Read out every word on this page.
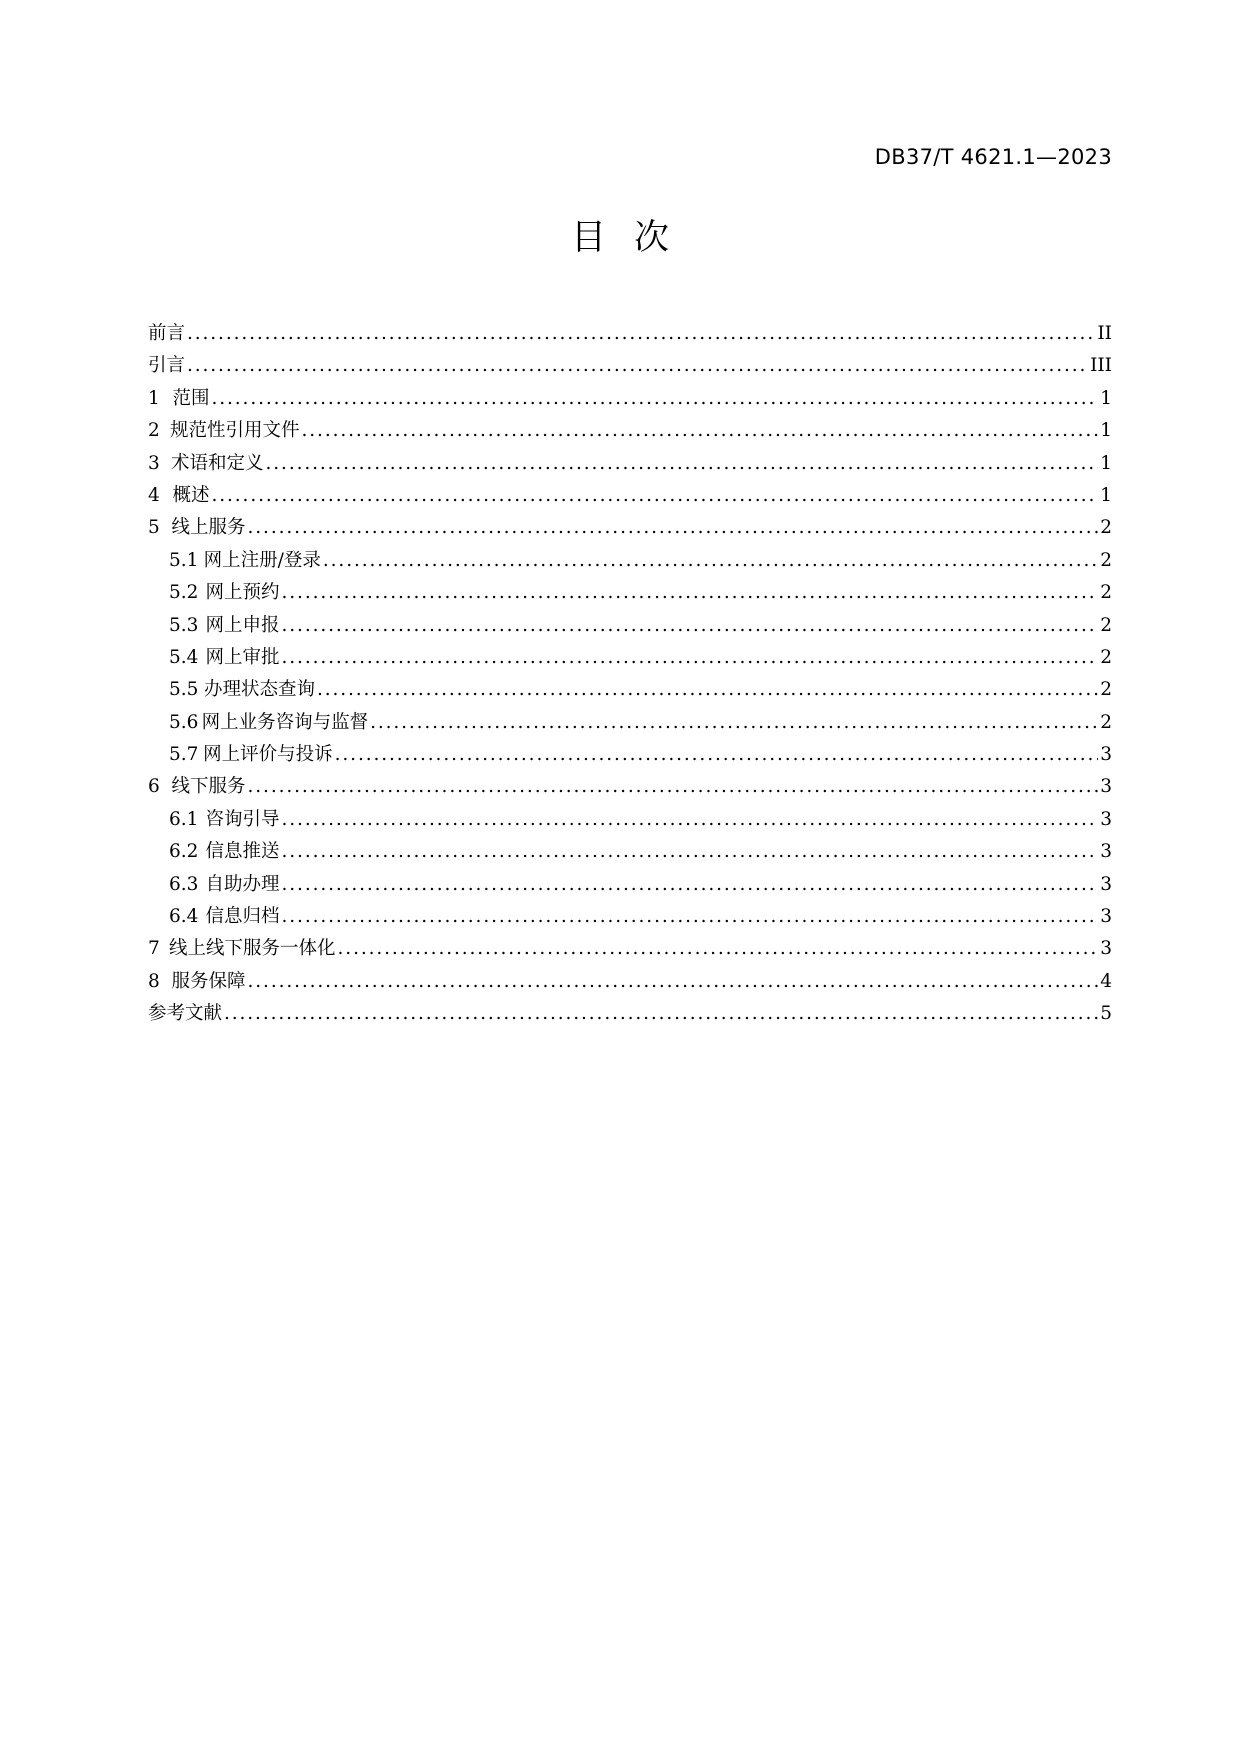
DB37/T 4621.1—2023
目 次
前言 . . .	II
引言 . . .	III
1 范围 . . .	1
2 规范性引用文件 . . .	1
3 术语和定义 . . .	1
4 概述 . . .	1
5 线上服务 . . .	2
5.1 网上注册/登录 . . .	2
5.2 网上预约 . . .	2
5.3 网上申报 . . .	2
5.4 网上审批 . . .	2
5.5 办理状态查询 . . .	2
5.6 网上业务咨询与监督 . . .	2
5.7 网上评价与投诉 . . .	3
6 线下服务 . . .	3
6.1 咨询引导 . . .	3
6.2 信息推送 . . .	3
6.3 自助办理 . . .	3
6.4 信息归档 . . .	3
7 线上线下服务一体化 . . .	3
8 服务保障 . . .	4
参考文献 . . .	5
